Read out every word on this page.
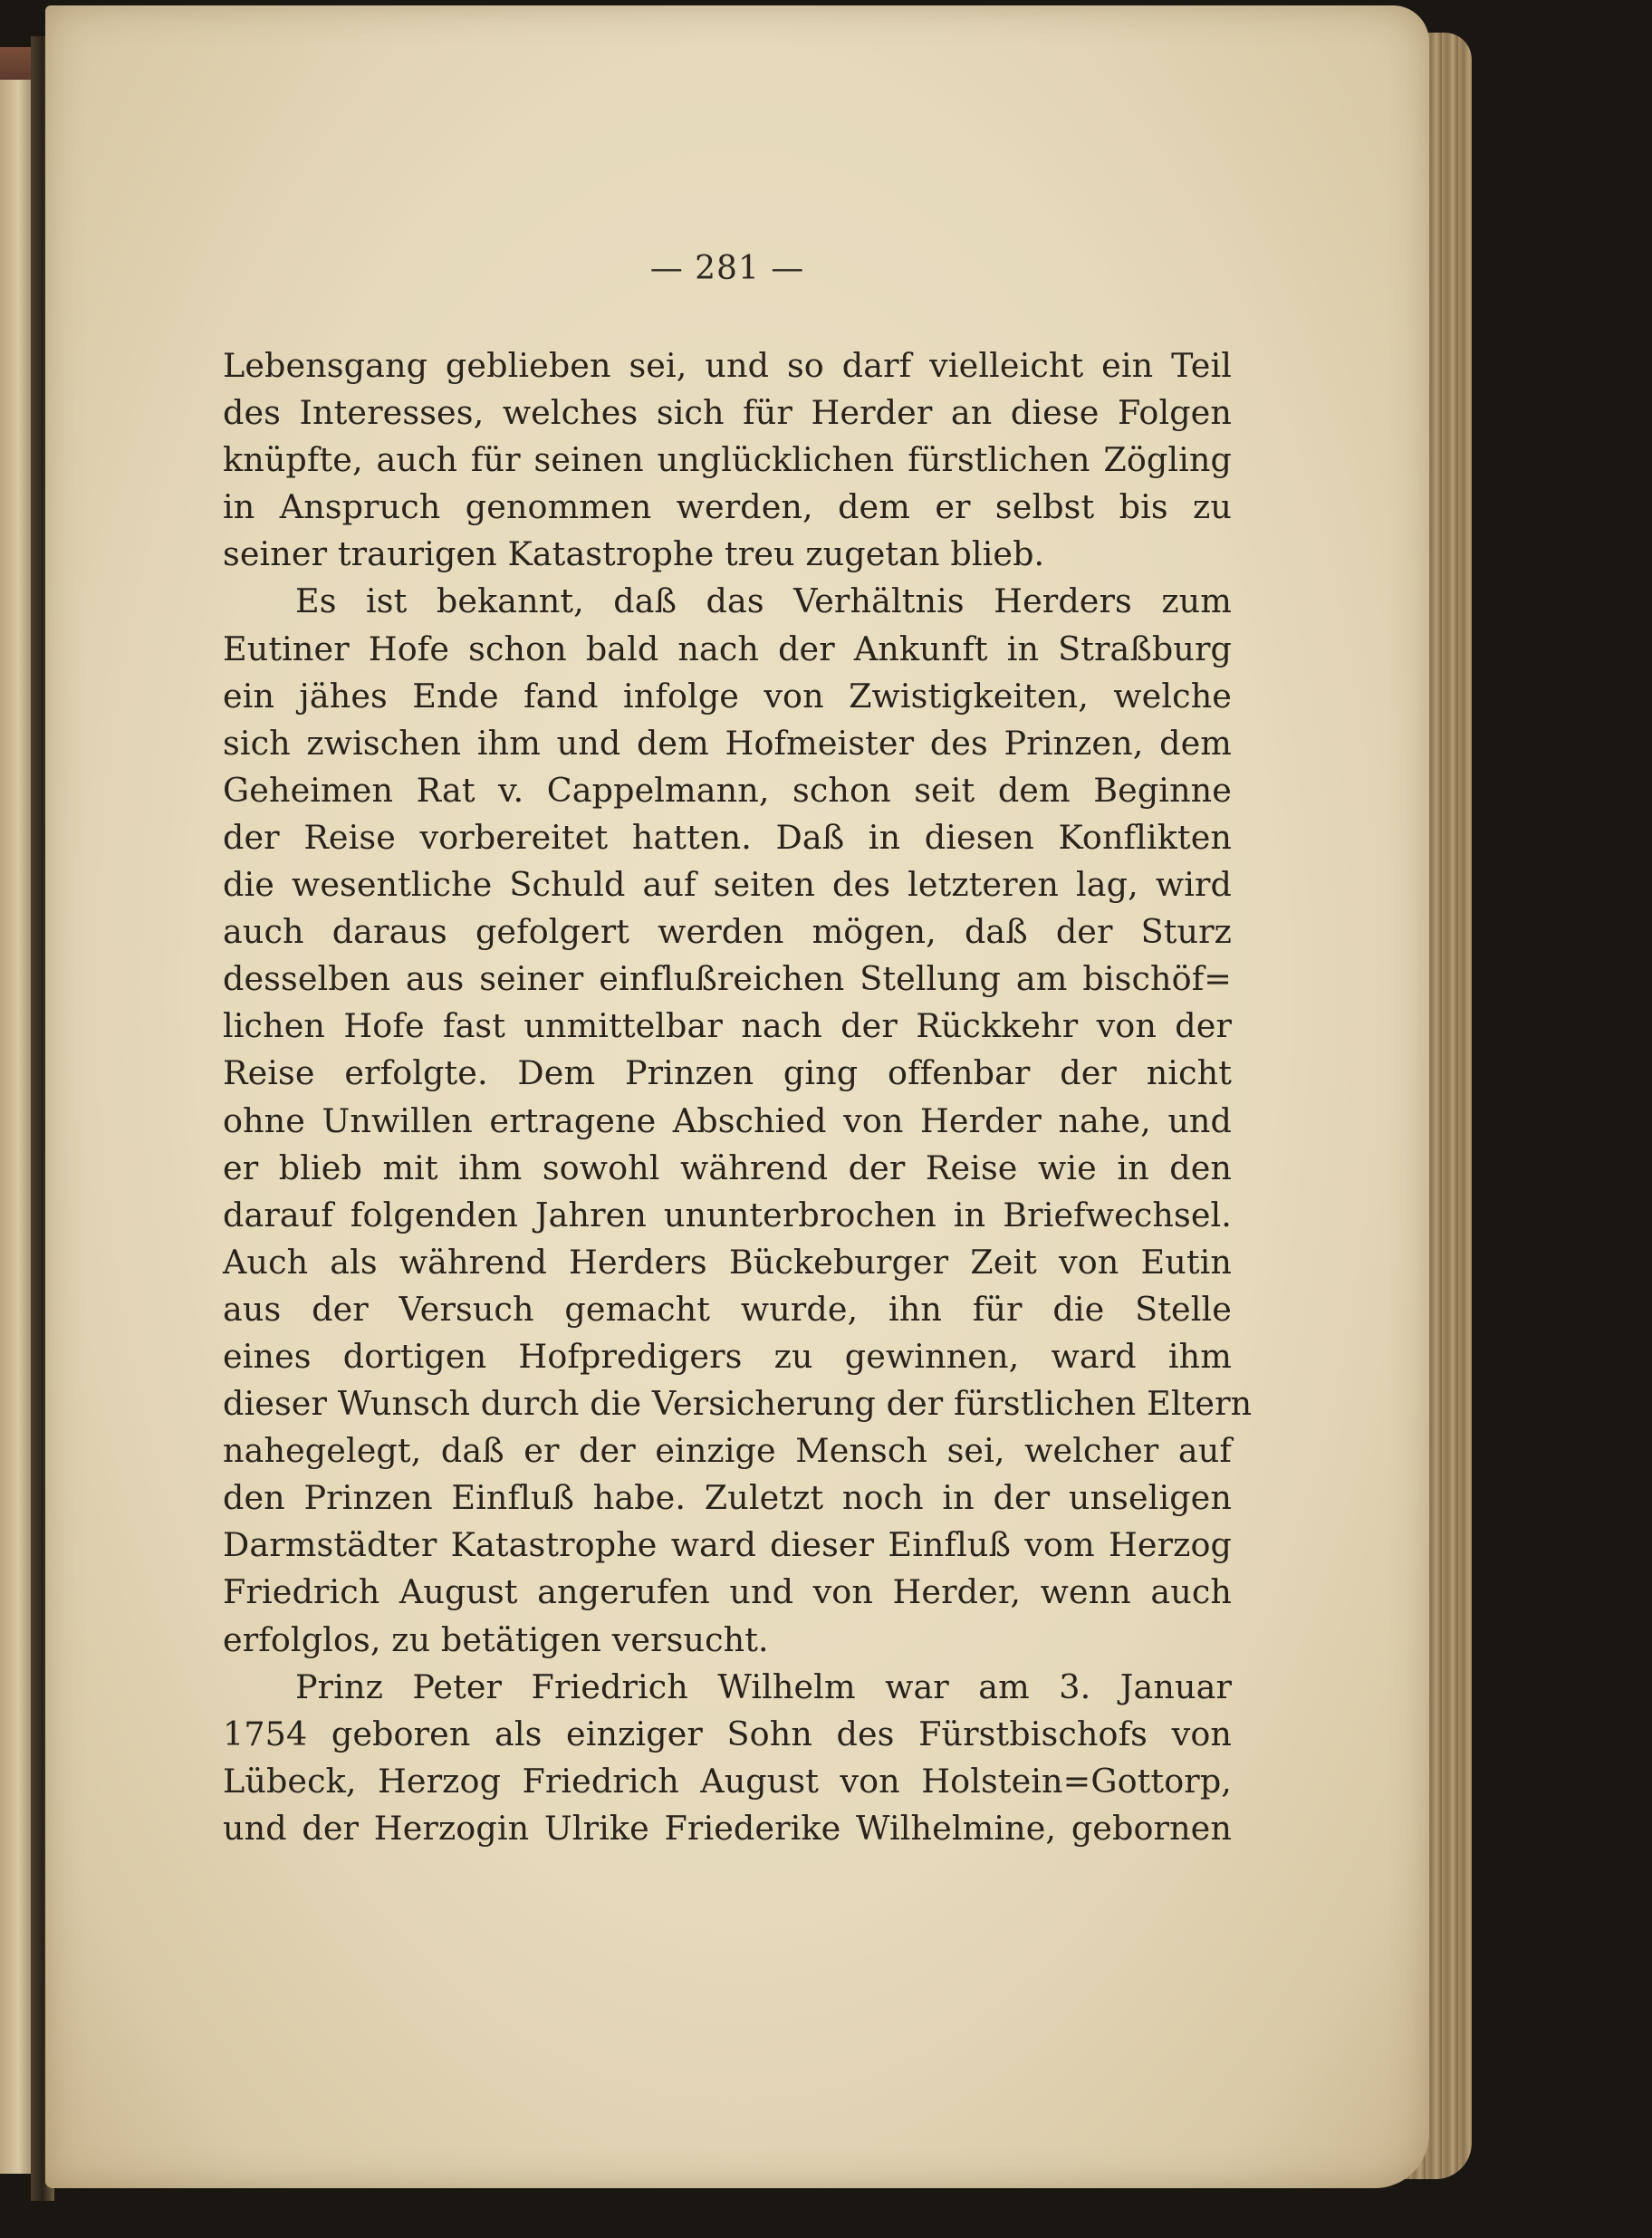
— 281 —
Lebensgang geblieben sei, und so darf vielleicht ein Teil
des Interesses, welches sich für Herder an diese Folgen
knüpfte, auch für seinen unglücklichen fürstlichen Zögling
in Anspruch genommen werden, dem er selbst bis zu
seiner traurigen Katastrophe treu zugetan blieb.
Es ist bekannt, daß das Verhältnis Herders zum
Eutiner Hofe schon bald nach der Ankunft in Straßburg
ein jähes Ende fand infolge von Zwistigkeiten, welche
sich zwischen ihm und dem Hofmeister des Prinzen, dem
Geheimen Rat v. Cappelmann, schon seit dem Beginne
der Reise vorbereitet hatten. Daß in diesen Konflikten
die wesentliche Schuld auf seiten des letzteren lag, wird
auch daraus gefolgert werden mögen, daß der Sturz
desselben aus seiner einflußreichen Stellung am bischöf=
lichen Hofe fast unmittelbar nach der Rückkehr von der
Reise erfolgte. Dem Prinzen ging offenbar der nicht
ohne Unwillen ertragene Abschied von Herder nahe, und
er blieb mit ihm sowohl während der Reise wie in den
darauf folgenden Jahren ununterbrochen in Briefwechsel.
Auch als während Herders Bückeburger Zeit von Eutin
aus der Versuch gemacht wurde, ihn für die Stelle
eines dortigen Hofpredigers zu gewinnen, ward ihm
dieser Wunsch durch die Versicherung der fürstlichen Eltern
nahegelegt, daß er der einzige Mensch sei, welcher auf
den Prinzen Einfluß habe. Zuletzt noch in der unseligen
Darmstädter Katastrophe ward dieser Einfluß vom Herzog
Friedrich August angerufen und von Herder, wenn auch
erfolglos, zu betätigen versucht.
Prinz Peter Friedrich Wilhelm war am 3. Januar
1754 geboren als einziger Sohn des Fürstbischofs von
Lübeck, Herzog Friedrich August von Holstein=Gottorp,
und der Herzogin Ulrike Friederike Wilhelmine, gebornen
